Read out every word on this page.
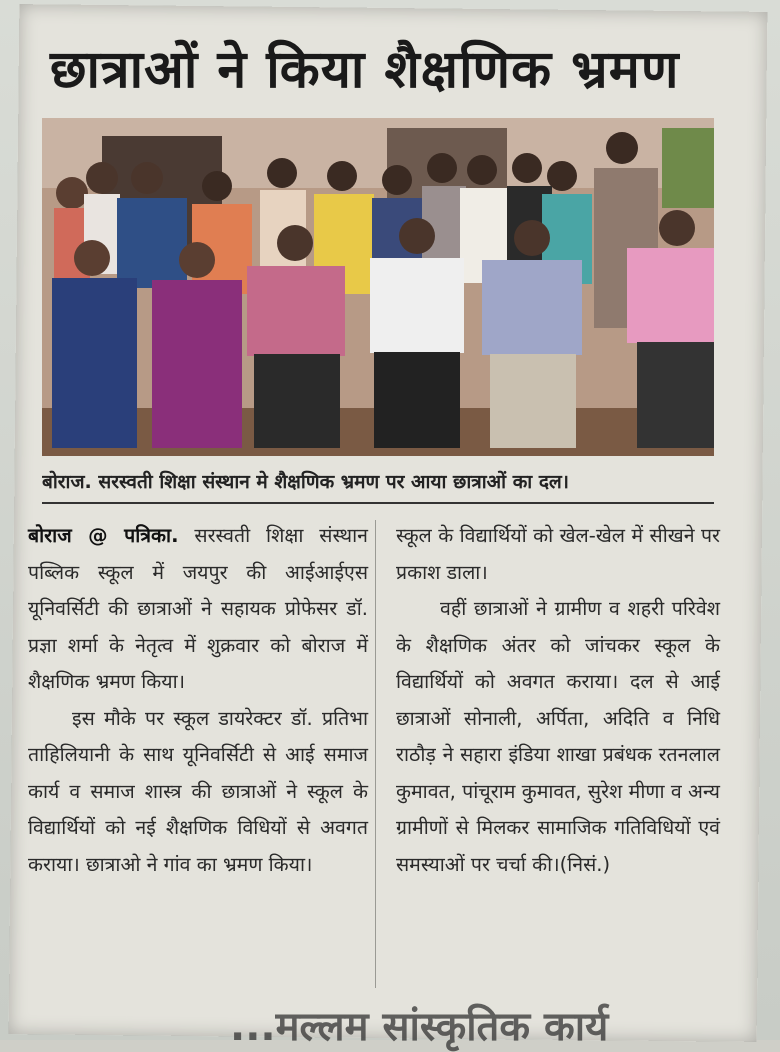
छात्राओं ने किया शैक्षणिक भ्रमण
बोराज. सरस्वती शिक्षा संस्थान मे शैक्षणिक भ्रमण पर आया छात्राओं का दल।

बोराज @ पत्रिका. सरस्वती शिक्षा संस्थान पब्लिक स्कूल में जयपुर की आईआईएस यूनिवर्सिटी की छात्राओं ने सहायक प्रोफेसर डॉ. प्रज्ञा शर्मा के नेतृत्व में शुक्रवार को बोराज में शैक्षणिक भ्रमण किया।

इस मौके पर स्कूल डायरेक्टर डॉ. प्रतिभा ताहिलियानी के साथ यूनिवर्सिटी से आई समाज कार्य व समाज शास्त्र की छात्राओं ने स्कूल के विद्यार्थियों को नई शैक्षणिक विधियों से अवगत कराया। छात्राओ ने गांव का भ्रमण किया।

स्कूल के विद्यार्थियों को खेल-खेल में सीखने पर प्रकाश डाला।

वहीं छात्राओं ने ग्रामीण व शहरी परिवेश के शैक्षणिक अंतर को जांचकर स्कूल के विद्यार्थियों को अवगत कराया। दल से आई छात्राओं सोनाली, अर्पिता, अदिति व निधि राठौड़ ने सहारा इंडिया शाखा प्रबंधक रतनलाल कुमावत, पांचूराम कुमावत, सुरेश मीणा व अन्य ग्रामीणों से मिलकर सामाजिक गतिविधियों एवं समस्याओं पर चर्चा की।(निसं.)

...मल्लम सांस्कृतिक कार्य
